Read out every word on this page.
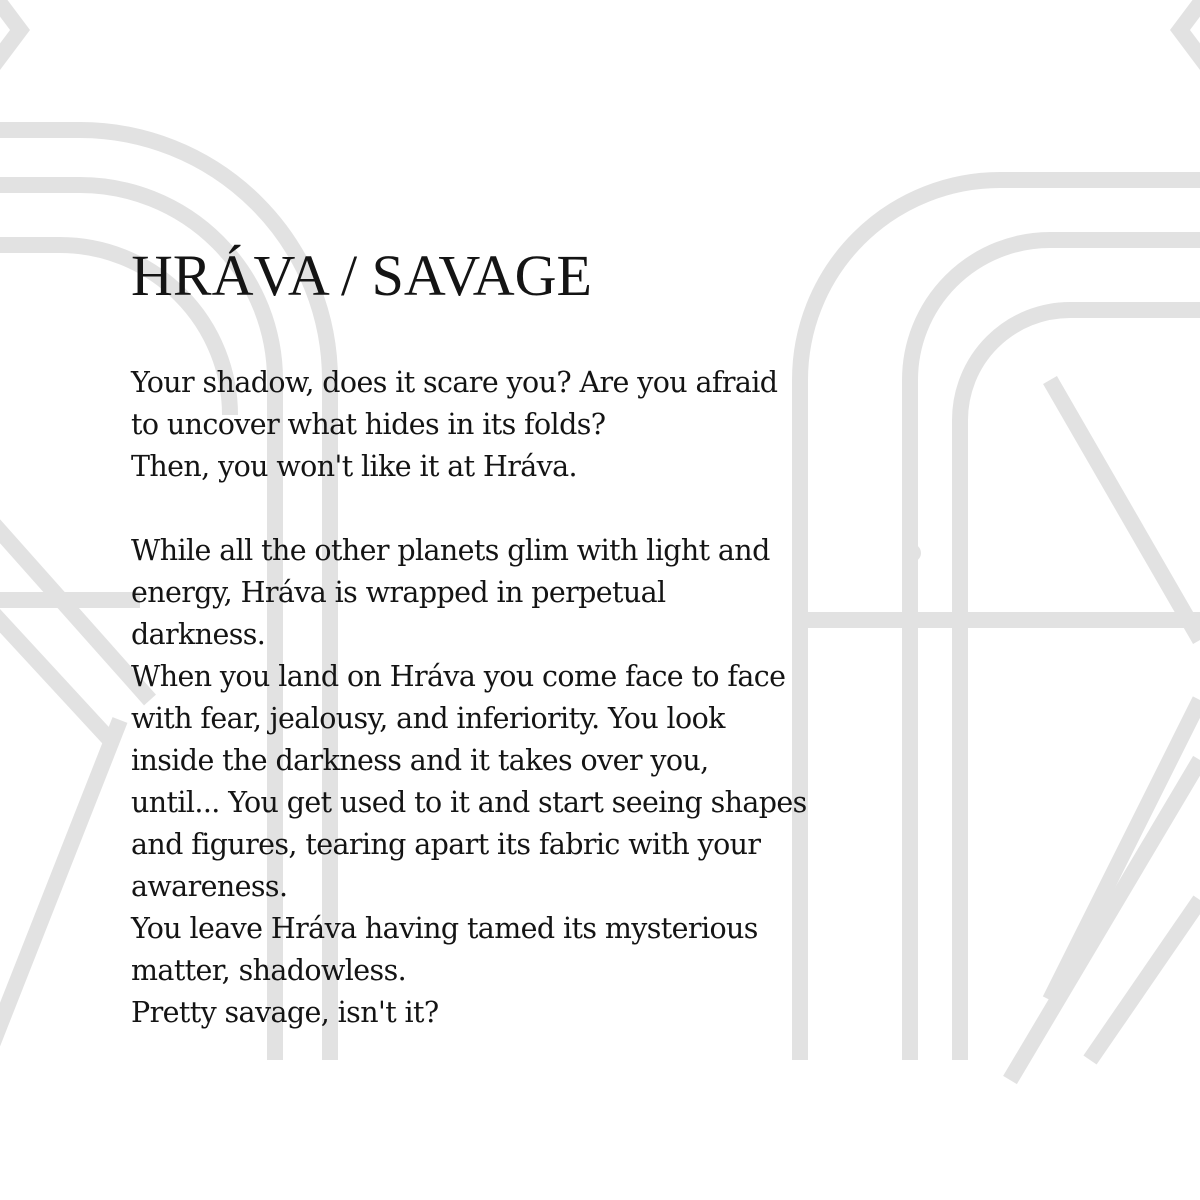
HRÁVA / SAVAGE

Your shadow, does it scare you? Are you afraid
to uncover what hides in its folds?
Then, you won't like it at Hráva.

While all the other planets glim with light and
energy, Hráva is wrapped in perpetual
darkness.
When you land on Hráva you come face to face
with fear, jealousy, and inferiority. You look
inside the darkness and it takes over you,
until... You get used to it and start seeing shapes
and figures, tearing apart its fabric with your
awareness.
You leave Hráva having tamed its mysterious
matter, shadowless.
Pretty savage, isn't it?
